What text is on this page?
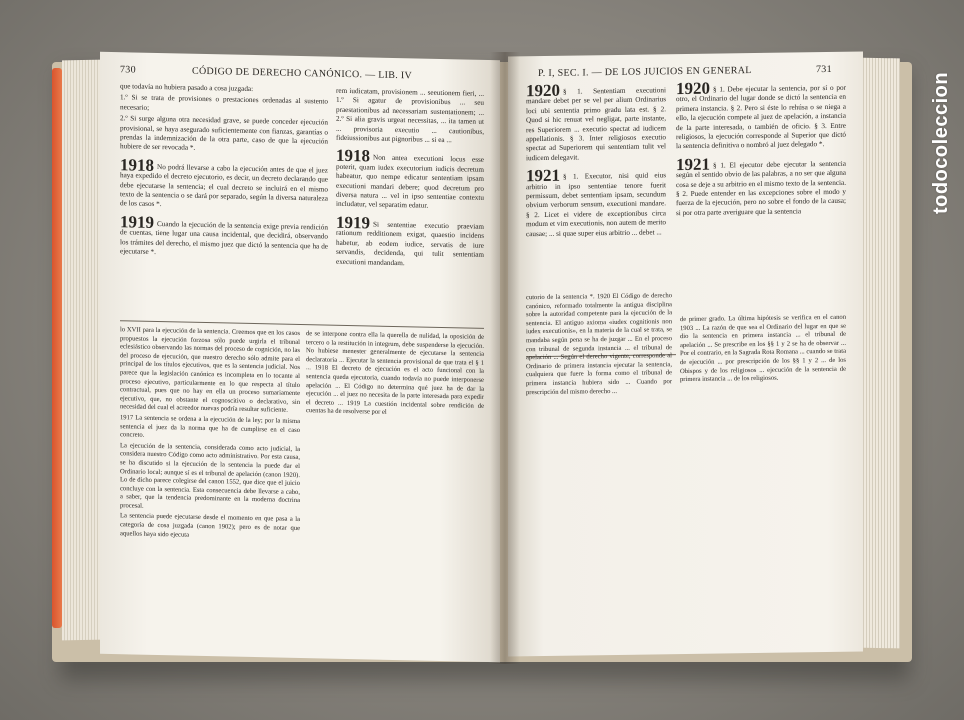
730	CÓDIGO DE DERECHO CANÓNICO. — LIB. IV

que todavía no hubiera pasado a cosa juzgada:

1.º Si se trata de provisiones o prestaciones ordenadas al sustento necesario;

2.º Si surge alguna otra necesidad grave, se puede conceder ejecución provisional, se haya asegurado suficientemente con fianzas, garantías o prendas la indemnización de la otra parte, caso de que la ejecución hubiere de ser revocada *.

1918 No podrá llevarse a cabo la ejecución antes de que el juez haya expedido el decreto ejecutorio, es decir, un decreto declarando que debe ejecutarse la sentencia; el cual decreto se incluirá en el mismo texto de la sentencia o se dará por separado, según la diversa naturaleza de los casos *.

1919 Cuando la ejecución de la sentencia exige previa rendición de cuentas, tiene lugar una causa incidental, que decidirá, observando los trámites del derecho, el mismo juez que dictó la sentencia que ha de ejecutarse *.

rem iudicatam, provisionem ... seeutionem fieri, ... 1.º Si agatur de provisionibus ... seu praestationibus ad necessariam sustentationem; ... 2.º Si alia gravis urgeat necessitas, ... ita tamen ut ... provisoria executio ... cautionibus, fideiussionibus aut pignoribus ... si ea ...

1918 Non antea executioni locus esse poterit, quam iudex executorium iudicis decretum habeatur, quo nempe edicatur sententiam ipsam executioni mandari debere; quod decretum pro diversa natura ... vel in ipso sententiae contextu includatur, vel separatim edatur.

1919 Si sententiae executio praeviam rationum redditionem exigat, quaestio incidens habetur, ab eodem iudice, servatis de iure servandis, decidenda, qui tulit sententiam executioni mandandam.

lo XVII para la ejecución de la sentencia. Creemos que en los casos propuestos la ejecución forzosa sólo puede urgirla el tribunal eclesiástico observando las normas del proceso de cognición, no las del proceso de ejecución, que nuestro derecho sólo admite para el principal de los títulos ejecutivos, que es la sentencia judicial. Nos parece que la legislación canónica es incompleta en lo tocante al proceso ejecutivo, particularmente en lo que respecta al título contractual, pues que no hay en ella un proceso sumariamente ejecutivo, que, no obstante el cognoscitivo o declarativo, sin necesidad del cual el acreedor nuevas podría resultar suficiente.

1917 La sentencia se ordena a la ejecución de la ley; por la misma sentencia el juez da la norma que ha de cumplirse en el caso concreto.

La ejecución de la sentencia, considerada como acto judicial, la considera nuestro Código como acto administrativo. Por esta causa, se ha discutido si la ejecución de la sentencia la puede dar el Ordinario local; aunque sí es el tribunal de apelación (canon 1920). Lo de dicho parece colegirse del canon 1552, que dice que el juicio concluye con la sentencia. Esta consecuencia debe llevarse a cabo, a saber, que la tendencia predominante en la moderna doctrina procesal.

La sentencia puede ejecutarse desde el momento en que pasa a la categoría de cosa juzgada (canon 1902); pero es de notar que aquellos haya sido ejecuta

de se interpone contra ella la querella de nulidad, la oposición de tercero o la restitución in integrum, debe suspenderse la ejecución. No hubiese menester generalmente de ejecutarse la sentencia declaratoria ... Ejecutar la sentencia provisional de que trata el § 1 ... 1918 El decreto de ejecución es el acto funcional con la sentencia queda ejecutoria, cuando todavía no puede interponerse apelación ... El Código no determina qué juez ha de dar la ejecución ... el juez no necesita de la parte interesada para expedir el decreto ... 1919 La cuestión incidental sobre rendición de cuentas ha de resolverse por el

P. I, SEC. I. — DE LOS JUICIOS EN GENERAL	731

1920 § 1. Sententiam executioni mandare debet per se vel per alium Ordinarius loci ubi sententia primo gradu lata est. § 2. Quod si hic renuat vel negligat, parte instante, res Superiorem ... executio spectat ad iudicem appellationis. § 3. Inter religiosos executio spectat ad Superiorem qui sententiam tulit vel iudicem delegavit.

1921 § 1. Executor, nisi quid eius arbitrio in ipso sententiae tenore fuerit permissum, debet sententiam ipsam, secundum obvium verborum sensum, executioni mandare. § 2. Licet ei videre de exceptionibus circa modum et vim executionis, non autem de merito causae; ... si quae super eius arbitrio ... debet ...

1920 § 1. Debe ejecutar la sentencia, por sí o por otro, el Ordinario del lugar donde se dictó la sentencia en primera instancia. § 2. Pero si éste lo rehúsa o se niega a ello, la ejecución compete al juez de apelación, a instancia de la parte interesada, o también de oficio. § 3. Entre religiosos, la ejecución corresponde al Superior que dictó la sentencia definitiva o nombró al juez delegado *.

1921 § 1. El ejecutor debe ejecutar la sentencia según el sentido obvio de las palabras, a no ser que alguna cosa se deje a su arbitrio en el mismo texto de la sentencia. § 2. Puede entender en las excepciones sobre el modo y fuerza de la ejecución, pero no sobre el fondo de la causa; si por otra parte averiguare que la sentencia

cutorio de la sentencia *. 1920 El Código de derecho canónico, reformado totalmente la antigua disciplina sobre la autoridad competente para la ejecución de la sentencia. El antiguo axioma «iudex cognitionis non iudex executionis», en la materia de la cual se trata, se mandaba según pena se ha de juzgar ... En el proceso con tribunal de segunda instancia ... el tribunal de apelación ... Según el derecho vigente, corresponde al Ordinario de primera instancia ejecutar la sentencia, cualquiera que fuere la forma como el tribunal de primera instancia hubiera sido ... Cuando por prescripción del mismo derecho ...

de primer grado. La última hipótesis se verifica en el canon 1903 ... La razón de que sea el Ordinario del lugar en que se dio la sentencia en primera instancia ... el tribunal de apelación ... Se prescribe en los §§ 1 y 2 se ha de observar ... Por el contrario, en la Sagrada Rota Romana ... cuando se trata de ejecución ... por prescripción de los §§ 1 y 2 ... de los Obispos y de los religiosos ... ejecución de la sentencia de primera instancia ... de los religiosos.

todocoleccion
